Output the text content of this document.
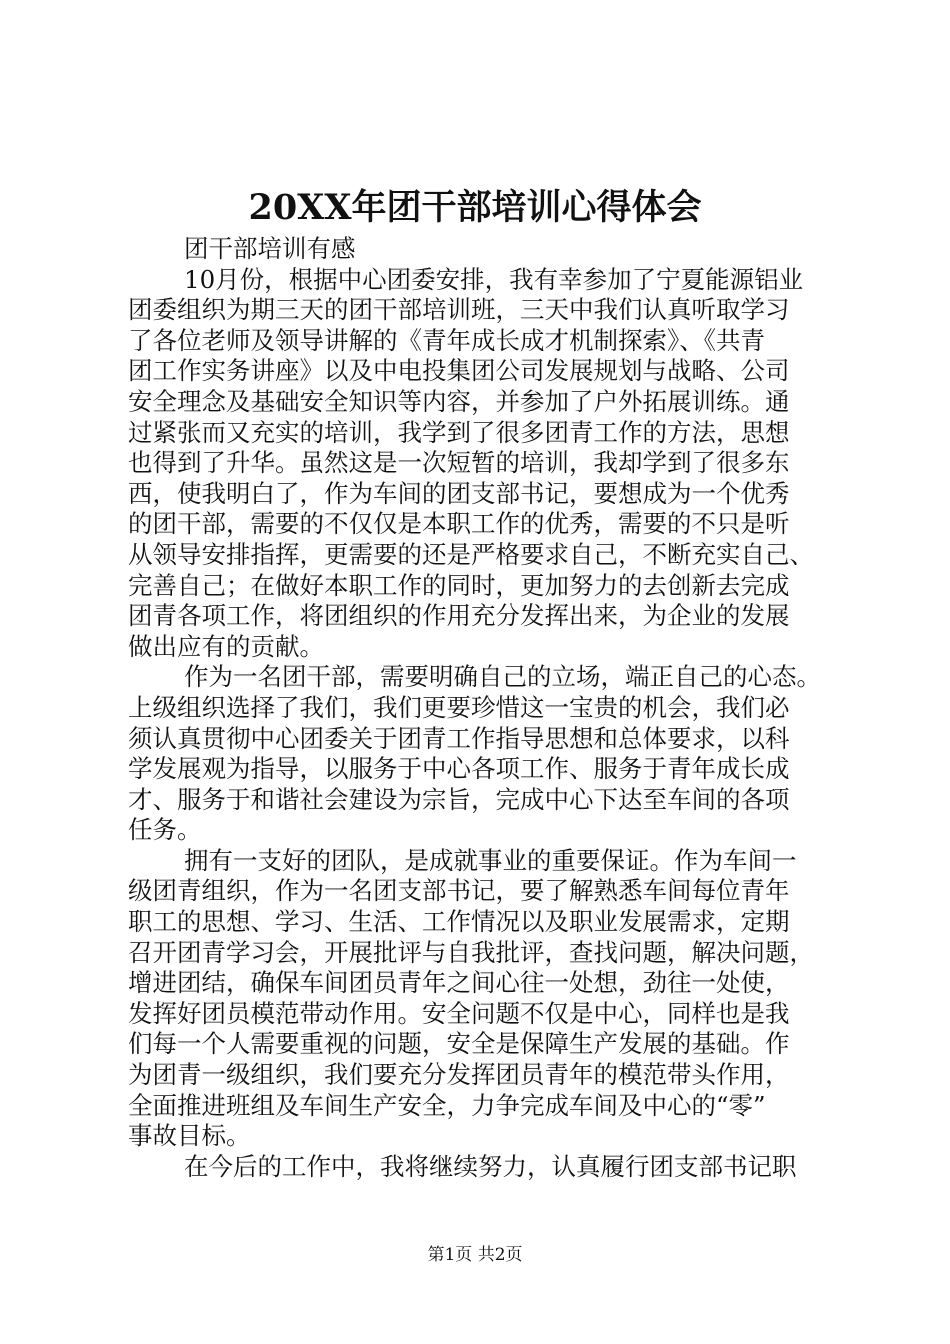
20XX年团干部培训心得体会
团干部培训有感
10月份，根据中心团委安排，我有幸参加了宁夏能源铝业
团委组织为期三天的团干部培训班，三天中我们认真听取学习
了各位老师及领导讲解的《青年成长成才机制探索》、《共青
团工作实务讲座》以及中电投集团公司发展规划与战略、公司
安全理念及基础安全知识等内容，并参加了户外拓展训练。通
过紧张而又充实的培训，我学到了很多团青工作的方法，思想
也得到了升华。虽然这是一次短暂的培训，我却学到了很多东
西，使我明白了，作为车间的团支部书记，要想成为一个优秀
的团干部，需要的不仅仅是本职工作的优秀，需要的不只是听
从领导安排指挥，更需要的还是严格要求自己，不断充实自己、
完善自己；在做好本职工作的同时，更加努力的去创新去完成
团青各项工作，将团组织的作用充分发挥出来，为企业的发展
做出应有的贡献。
作为一名团干部，需要明确自己的立场，端正自己的心态。
上级组织选择了我们，我们更要珍惜这一宝贵的机会，我们必
须认真贯彻中心团委关于团青工作指导思想和总体要求，以科
学发展观为指导，以服务于中心各项工作、服务于青年成长成
才、服务于和谐社会建设为宗旨，完成中心下达至车间的各项
任务。
拥有一支好的团队，是成就事业的重要保证。作为车间一
级团青组织，作为一名团支部书记，要了解熟悉车间每位青年
职工的思想、学习、生活、工作情况以及职业发展需求，定期
召开团青学习会，开展批评与自我批评，查找问题，解决问题，
增进团结，确保车间团员青年之间心往一处想，劲往一处使，
发挥好团员模范带动作用。安全问题不仅是中心，同样也是我
们每一个人需要重视的问题，安全是保障生产发展的基础。作
为团青一级组织，我们要充分发挥团员青年的模范带头作用，
全面推进班组及车间生产安全，力争完成车间及中心的“零”
事故目标。
在今后的工作中，我将继续努力，认真履行团支部书记职
第1页 共2页
